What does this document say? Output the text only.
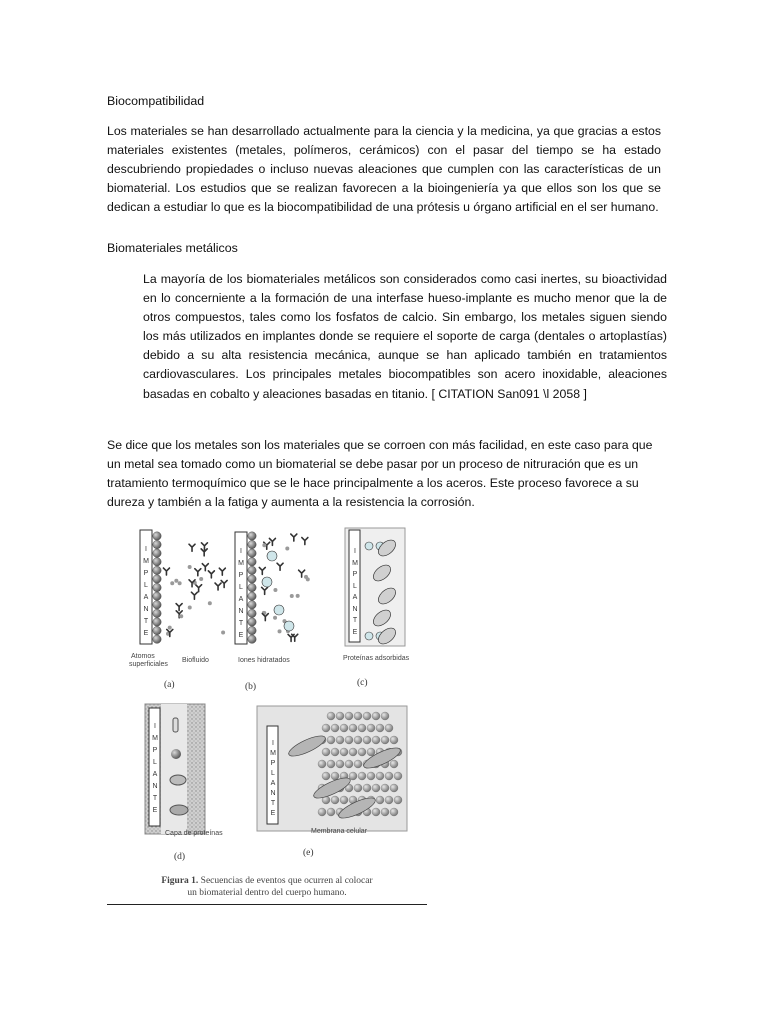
Biocompatibilidad

Los materiales se han desarrollado actualmente para la ciencia y la medicina, ya que gracias a estos materiales existentes (metales, polímeros, cerámicos) con el pasar del tiempo se ha estado descubriendo propiedades o incluso nuevas aleaciones que cumplen con las características de un biomaterial. Los estudios que se realizan favorecen a la bioingeniería ya que ellos son los que se dedican a estudiar lo que es la biocompatibilidad de una prótesis u órgano artificial en el ser humano.

Biomateriales metálicos

La mayoría de los biomateriales metálicos son considerados como casi inertes, su bioactividad en lo concerniente a la formación de una interfase hueso-implante es mucho menor que la de otros compuestos, tales como los fosfatos de calcio. Sin embargo, los metales siguen siendo los más utilizados en implantes donde se requiere el soporte de carga (dentales o artoplastías) debido a su alta resistencia mecánica, aunque se han aplicado también en tratamientos cardiovasculares. Los principales metales biocompatibles son acero inoxidable, aleaciones basadas en cobalto y aleaciones basadas en titanio. [ CITATION San091 \l 2058 ]

Se dice que los metales son los materiales que se corroen con más facilidad, en este caso para que un metal sea tomado como un biomaterial se debe pasar por un proceso de nitruración que es un tratamiento termoquímico que se le hace principalmente a los aceros. Este proceso favorece a su dureza y también a la fatiga y aumenta a la resistencia la corrosión.

I
M
P
L
A
N
T
E
I
M
P
L
A
N
T
E
I
M
P
L
A
N
T
E
I
M
P
L
A
N
T
E
I
M
P
L
A
N
T
E
Atomos
superficiales
Biofluido	Iones hidratados	Proteínas adsorbidas
Capa de proteínas	Membrana celular
(a)	(b)	(c)
(d)	(e)
Figura 1. Secuencias de eventos que ocurren al colocar
un biomaterial dentro del cuerpo humano.
